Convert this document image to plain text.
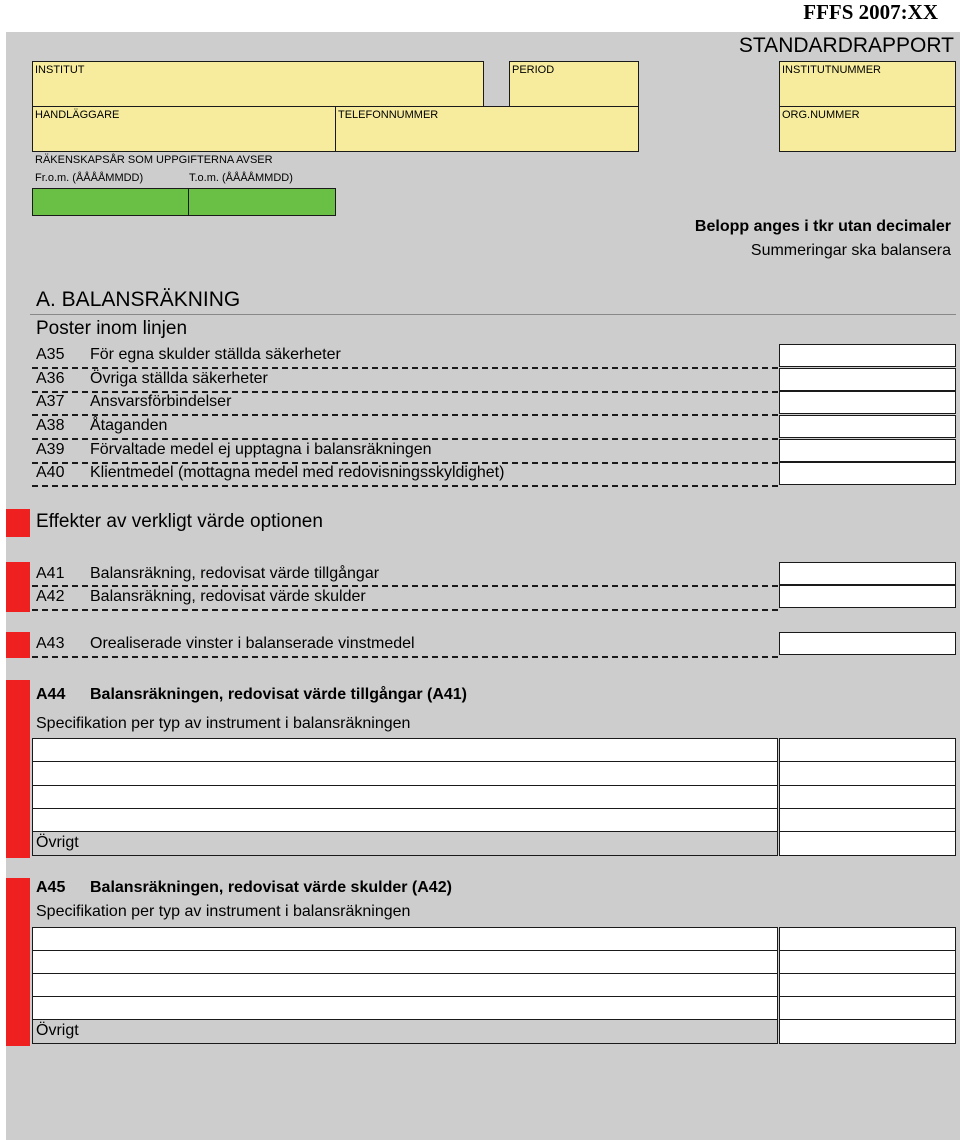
FFFS 2007:XX
STANDARDRAPPORT
INSTITUT	PERIOD	INSTITUTNUMMER
HANDLÄGGARE	TELEFONNUMMER	ORG.NUMMER
RÄKENSKAPSÅR SOM UPPGIFTERNA AVSER
Fr.o.m. (ÅÅÅÅMMDD)	T.o.m. (ÅÅÅÅMMDD)
Belopp anges i tkr utan decimaler
Summeringar ska balansera
A. BALANSRÄKNING
Poster inom linjen
A35 För egna skulder ställda säkerheter
A36 Övriga ställda säkerheter
A37 Ansvarsförbindelser
A38 Åtaganden
A39 Förvaltade medel ej upptagna i balansräkningen
A40 Klientmedel (mottagna medel med redovisningsskyldighet)
Effekter av verkligt värde optionen
A41 Balansräkning, redovisat värde tillgångar
A42 Balansräkning, redovisat värde skulder
A43 Orealiserade vinster i balanserade vinstmedel
A44 Balansräkningen, redovisat värde tillgångar (A41)
Specifikation per typ av instrument i balansräkningen
Övrigt
A45 Balansräkningen, redovisat värde skulder (A42)
Specifikation per typ av instrument i balansräkningen
Övrigt
